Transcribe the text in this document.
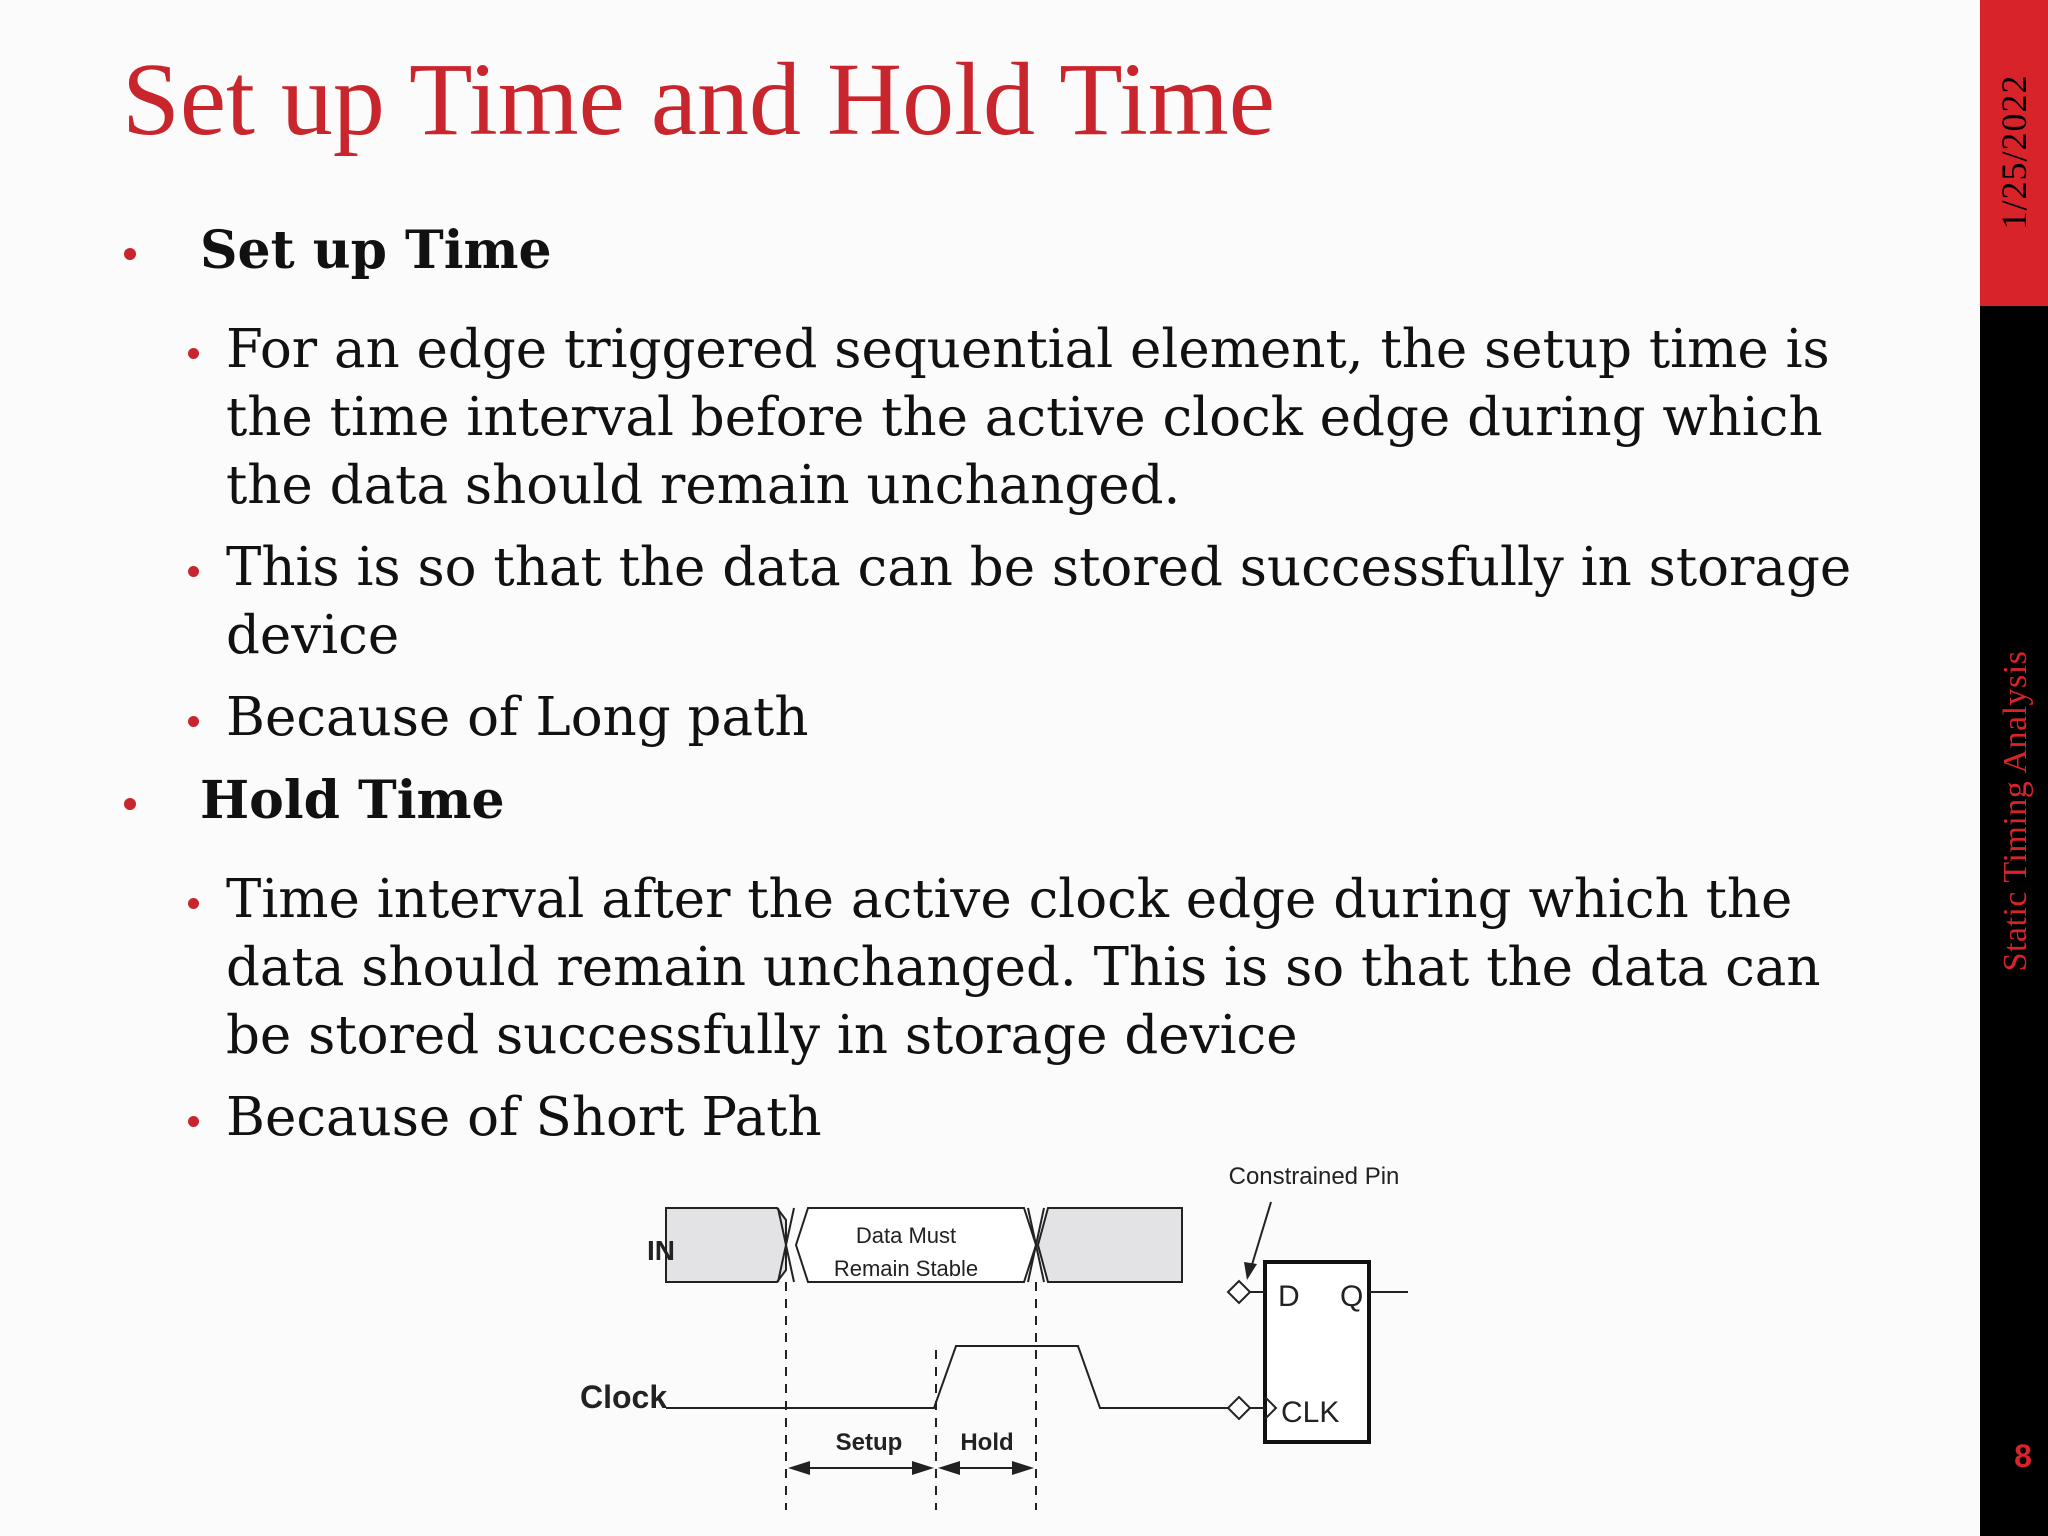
Set up Time and Hold Time
Set up Time
For an edge triggered sequential element, the setup time is
the time interval before the active clock edge during which
the data should remain unchanged.
This is so that the data can be stored successfully in storage
device
Because of Long path
Hold Time
Time interval after the active clock edge during which the
data should remain unchanged. This is so that the data can
be stored successfully in storage device
Because of Short Path
IN	Data Must
Remain Stable
Clock
Setup Hold
D Q
CLK
Constrained Pin
1/25/2022
Static Timing Analysis
8
